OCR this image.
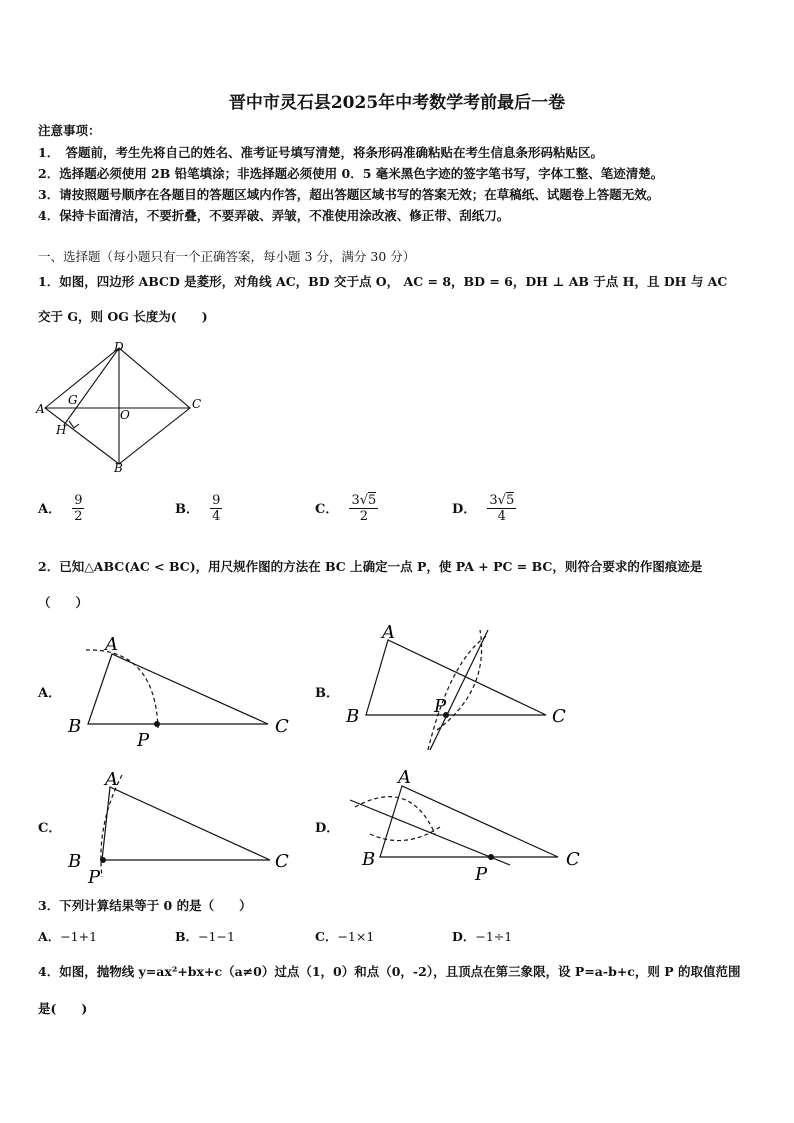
晋中市灵石县2025年中考数学考前最后一卷
注意事项：
1．　答题前，考生先将自己的姓名、准考证号填写清楚，将条形码准确粘贴在考生信息条形码粘贴区。
2．选择题必须使用 2B 铅笔填涂；非选择题必须使用 0．5 毫米黑色字迹的签字笔书写，字体工整、笔迹清楚。
3．请按照题号顺序在各题目的答题区域内作答，超出答题区域书写的答案无效；在草稿纸、试题卷上答题无效。
4．保持卡面清洁，不要折叠，不要弄破、弄皱，不准使用涂改液、修正带、刮纸刀。
一、选择题（每小题只有一个正确答案，每小题 3 分，满分 30 分）
1．如图，四边形 ABCD 是菱形，对角线 AC，BD 交于点 O， AC = 8，BD = 6，DH ⊥ AB 于点 H，且 DH 与 AC
交于 G，则 OG 长度为(　　)
D
A	C
B
O
G
H
A． $\frac{9}{2}$	B． $\frac{9}{4}$	C． $\frac{3√5}{2}$	D． $\frac{3√5}{4}$
2．已知△ABC(AC < BC)，用尺规作图的方法在 BC 上确定一点 P，使 PA + PC = BC，则符合要求的作图痕迹是
（　　）
A．
A
B	C
P
B．
A
B	C
P
C．
A
B	C
P
D．
A
B	C
P
3．下列计算结果等于 0 的是（　　）
A．−1+1	B．−1−1	C．−1×1	D．−1÷1
4．如图，抛物线 y=ax²+bx+c（a≠0）过点（1，0）和点（0，-2），且顶点在第三象限，设 P=a-b+c，则 P 的取值范围
是(　　)
